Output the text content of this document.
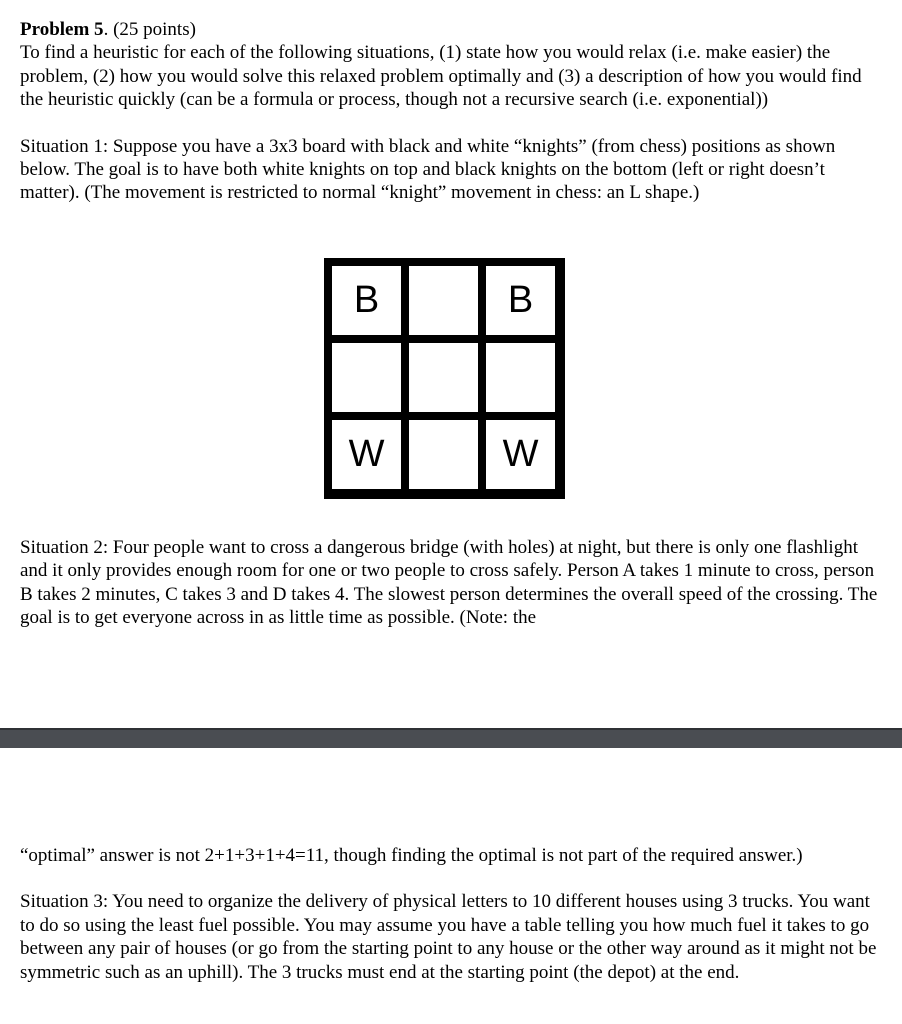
Problem 5. (25 points)

To find a heuristic for each of the following situations, (1) state how you would relax (i.e. make easier) the problem, (2) how you would solve this relaxed problem optimally and (3) a description of how you would find the heuristic quickly (can be a formula or process, though not a recursive search (i.e. exponential))

Situation 1: Suppose you have a 3x3 board with black and white “knights” (from chess) positions as shown below. The goal is to have both white knights on top and black knights on the bottom (left or right doesn’t matter). (The movement is restricted to normal “knight” movement in chess: an L shape.)

B	B
W	W

Situation 2: Four people want to cross a dangerous bridge (with holes) at night, but there is only one flashlight and it only provides enough room for one or two people to cross safely. Person A takes 1 minute to cross, person B takes 2 minutes, C takes 3 and D takes 4. The slowest person determines the overall speed of the crossing. The goal is to get everyone across in as little time as possible. (Note: the

“optimal” answer is not 2+1+3+1+4=11, though finding the optimal is not part of the required answer.)

Situation 3: You need to organize the delivery of physical letters to 10 different houses using 3 trucks. You want to do so using the least fuel possible. You may assume you have a table telling you how much fuel it takes to go between any pair of houses (or go from the starting point to any house or the other way around as it might not be symmetric such as an uphill). The 3 trucks must end at the starting point (the depot) at the end.
